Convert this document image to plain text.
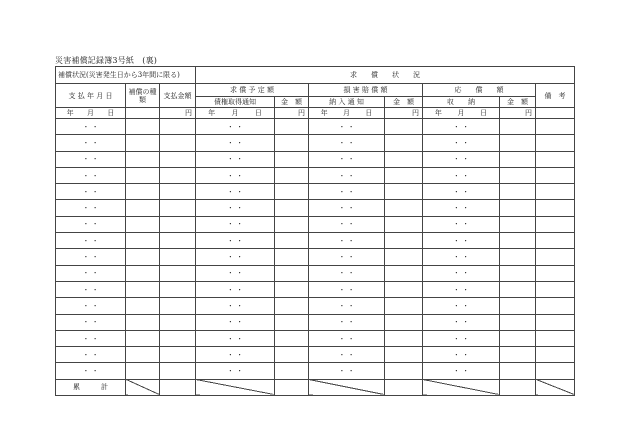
災害補償記録簿3号紙　(裏)
補償状況(災害発生日から3年間に限る)			求　　償　　状　　況						
支 払 年 月 日	補償の種　類	支払金額	求 償 予 定 額		損 害 賠 償 額		応　　償　　額		備　考
			債権取得通知	金　額	納 入 通 知	金　額	収　　納	金　額	

年 月 日		円	年 月 日	円	年 月 日	円	年 月 日	円	
・ ・			・ ・		・ ・		・ ・		
・ ・			・ ・		・ ・		・ ・		
・ ・			・ ・		・ ・		・ ・		
・ ・			・ ・		・ ・		・ ・		
・ ・			・ ・		・ ・		・ ・		
・ ・			・ ・		・ ・		・ ・		
・ ・			・ ・		・ ・		・ ・		
・ ・			・ ・		・ ・		・ ・		
・ ・			・ ・		・ ・		・ ・		
・ ・			・ ・		・ ・		・ ・		
・ ・			・ ・		・ ・		・ ・		
・ ・			・ ・		・ ・		・ ・		
・ ・			・ ・		・ ・		・ ・		
・ ・			・ ・		・ ・		・ ・		
・ ・			・ ・		・ ・		・ ・		
・ ・			・ ・		・ ・		・ ・		
累　　　計									
